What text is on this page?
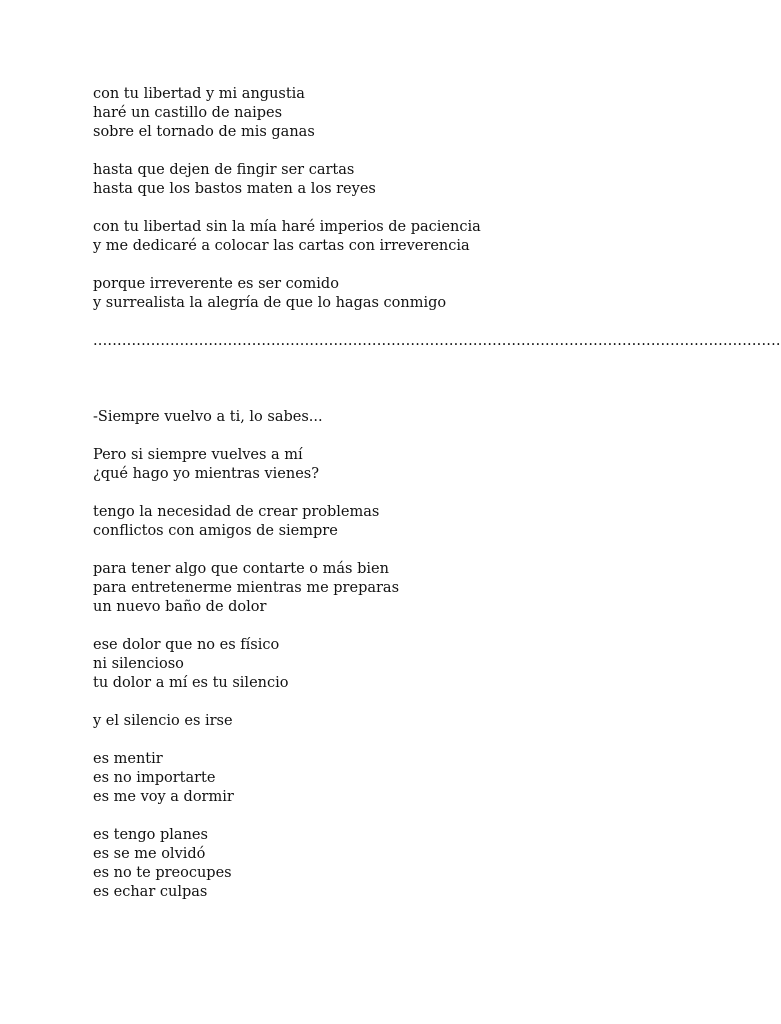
con tu libertad y mi angustia
haré un castillo de naipes
sobre el tornado de mis ganas
hasta que dejen de fingir ser cartas
hasta que los bastos maten a los reyes
con tu libertad sin la mía haré imperios de paciencia
y me dedicaré a colocar las cartas con irreverencia
porque irreverente es ser comido
y surrealista la alegría de que lo hagas conmigo
...............................................................................................................................................
-Siempre vuelvo a ti, lo sabes...
Pero si siempre vuelves a mí
¿qué hago yo mientras vienes?
tengo la necesidad de crear problemas
conflictos con amigos de siempre
para tener algo que contarte o más bien
para entretenerme mientras me preparas
un nuevo baño de dolor
ese dolor que no es físico
ni silencioso
tu dolor a mí es tu silencio
y el silencio es irse
es mentir
es no importarte
es me voy a dormir
es tengo planes
es se me olvidó
es no te preocupes
es echar culpas
